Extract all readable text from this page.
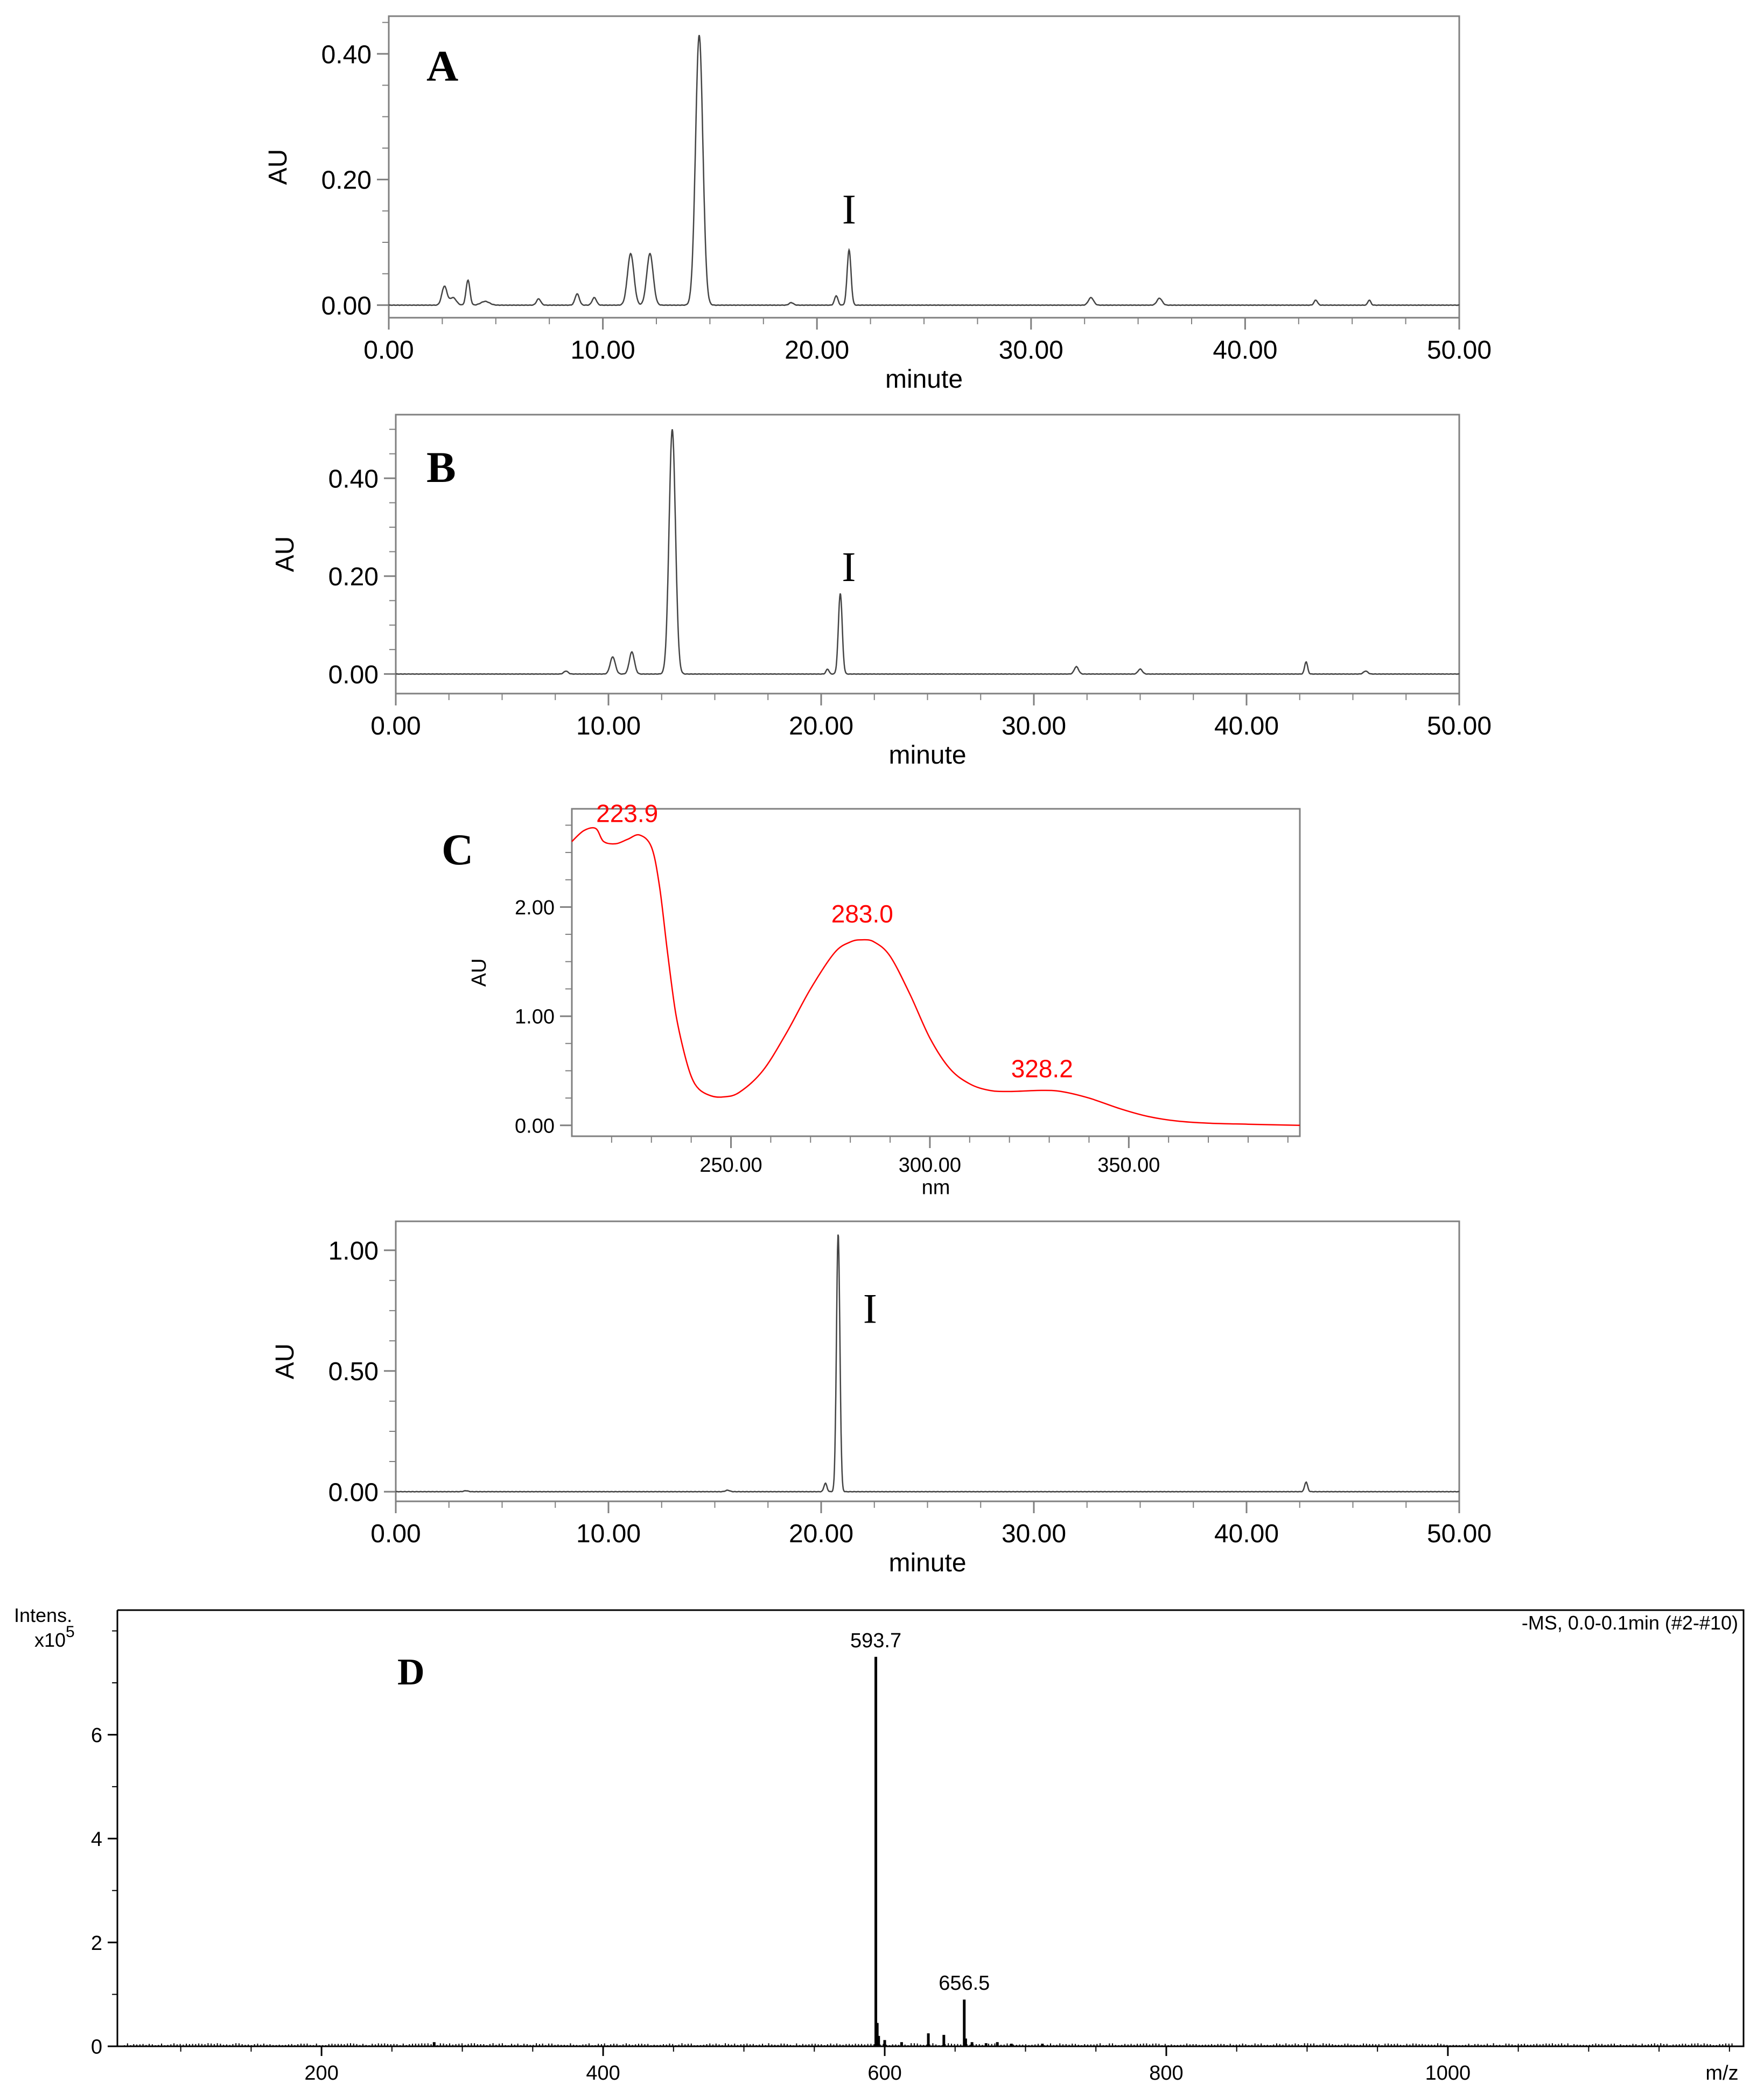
0.00	10.00	20.00	30.00	40.00	50.00
0.00
0.20
0.40
minute
AU
A
I
0.00	10.00	20.00	30.00	40.00	50.00
0.00
0.20
0.40
minute
AU
B
I
250.00	300.00	350.00
0.00
1.00
2.00
nm
AU
C
223.9
283.0
328.2
0.00	10.00	20.00	30.00	40.00	50.00
0.00
0.50
1.00
minute
AU
I
200	400	600	800	1000
0
2
4
6
m/z
Intens.
x10 5	-MS, 0.0-0.1min (#2-#10)
D
593.7
656.5
